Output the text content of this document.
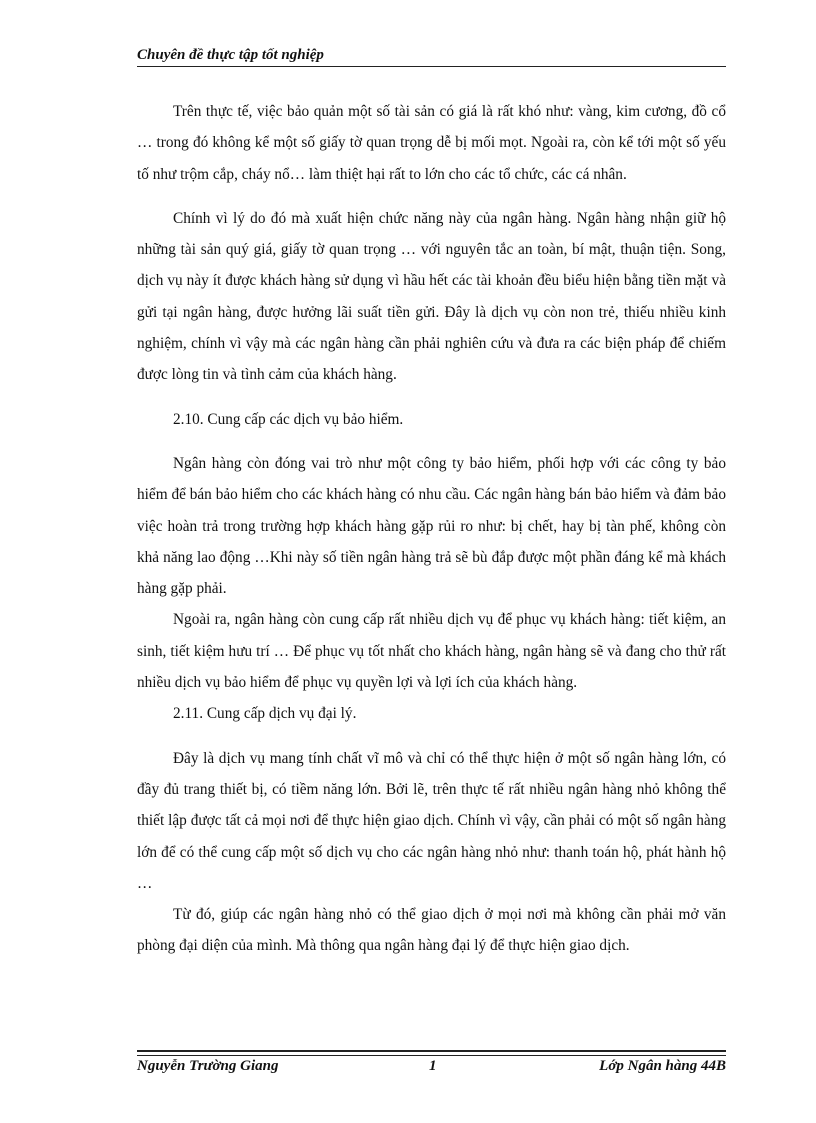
Chuyên đề thực tập tốt nghiệp

Trên thực tế, việc bảo quản một số tài sản có giá là rất khó như: vàng, kim cương, đồ cổ … trong đó không kể một số giấy tờ quan trọng dễ bị mối mọt. Ngoài ra, còn kể tới một số yếu tố như trộm cắp, cháy nổ… làm thiệt hại rất to lớn cho các tổ chức, các cá nhân.

Chính vì lý do đó mà xuất hiện chức năng này của ngân hàng. Ngân hàng nhận giữ hộ những tài sản quý giá, giấy tờ quan trọng … với nguyên tắc an toàn, bí mật, thuận tiện. Song, dịch vụ này ít được khách hàng sử dụng vì hầu hết các tài khoản đều biểu hiện bằng tiền mặt và gửi tại ngân hàng, được hưởng lãi suất tiền gửi. Đây là dịch vụ còn non trẻ, thiếu nhiều kinh nghiệm, chính vì vậy mà các ngân hàng cần phải nghiên cứu và đưa ra các biện pháp để chiếm được lòng tin và tình cảm của khách hàng.

2.10. Cung cấp các dịch vụ bảo hiểm.

Ngân hàng còn đóng vai trò như một công ty bảo hiểm, phối hợp với các công ty bảo hiểm để bán bảo hiểm cho các khách hàng có nhu cầu. Các ngân hàng bán bảo hiểm và đảm bảo việc hoàn trả trong trường hợp khách hàng gặp rủi ro như: bị chết, hay bị tàn phế, không còn khả năng lao động …Khi này số tiền ngân hàng trả sẽ bù đắp được một phần đáng kể mà khách hàng gặp phải.

Ngoài ra, ngân hàng còn cung cấp rất nhiều dịch vụ để phục vụ khách hàng: tiết kiệm, an sinh, tiết kiệm hưu trí … Để phục vụ tốt nhất cho khách hàng, ngân hàng sẽ và đang cho thử rất nhiều dịch vụ bảo hiểm để phục vụ quyền lợi và lợi ích của khách hàng.

2.11. Cung cấp dịch vụ đại lý.

Đây là dịch vụ mang tính chất vĩ mô và chỉ có thể thực hiện ở một số ngân hàng lớn, có đầy đủ trang thiết bị, có tiềm năng lớn. Bởi lẽ, trên thực tế rất nhiều ngân hàng nhỏ không thể thiết lập được tất cả mọi nơi để thực hiện giao dịch. Chính vì vậy, cần phải có một số ngân hàng lớn để có thể cung cấp một số dịch vụ cho các ngân hàng nhỏ như: thanh toán hộ, phát hành hộ …

Từ đó, giúp các ngân hàng nhỏ có thể giao dịch ở mọi nơi mà không cần phải mở văn phòng đại diện của mình. Mà thông qua ngân hàng đại lý để thực hiện giao dịch.

Nguyễn Trường Giang	1	Lớp Ngân hàng 44B
